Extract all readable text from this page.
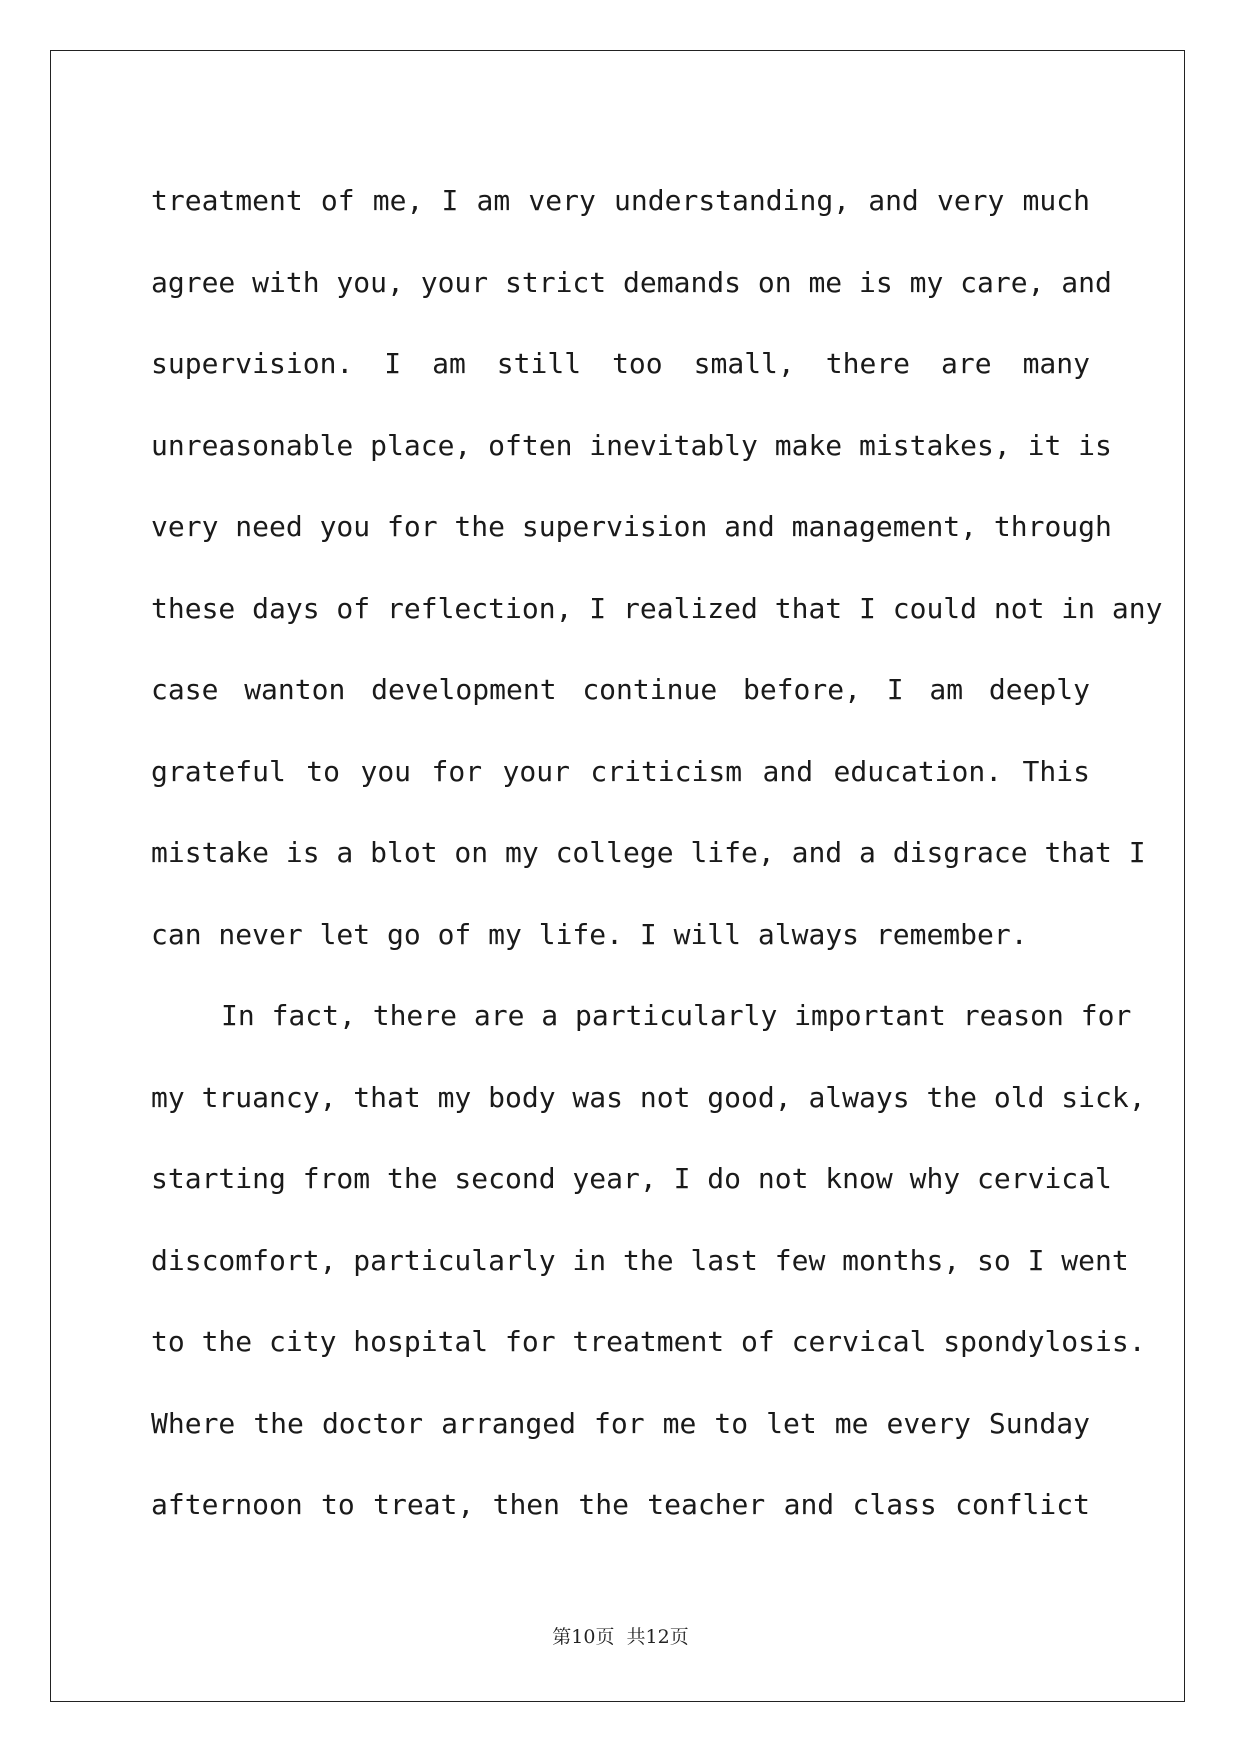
treatment of me, I am very understanding, and very much
agree with you, your strict demands on me is my care, and
supervision. I am still too small, there are many
unreasonable place, often inevitably make mistakes, it is
very need you for the supervision and management, through
these days of reflection, I realized that I could not in any
case wanton development continue before, I am deeply
grateful to you for your criticism and education. This
mistake is a blot on my college life, and a disgrace that I
can never let go of my life. I will always remember.
In fact, there are a particularly important reason for
my truancy, that my body was not good, always the old sick,
starting from the second year, I do not know why cervical
discomfort, particularly in the last few months, so I went
to the city hospital for treatment of cervical spondylosis.
Where the doctor arranged for me to let me every Sunday
afternoon to treat, then the teacher and class conflict
第10页  共12页
